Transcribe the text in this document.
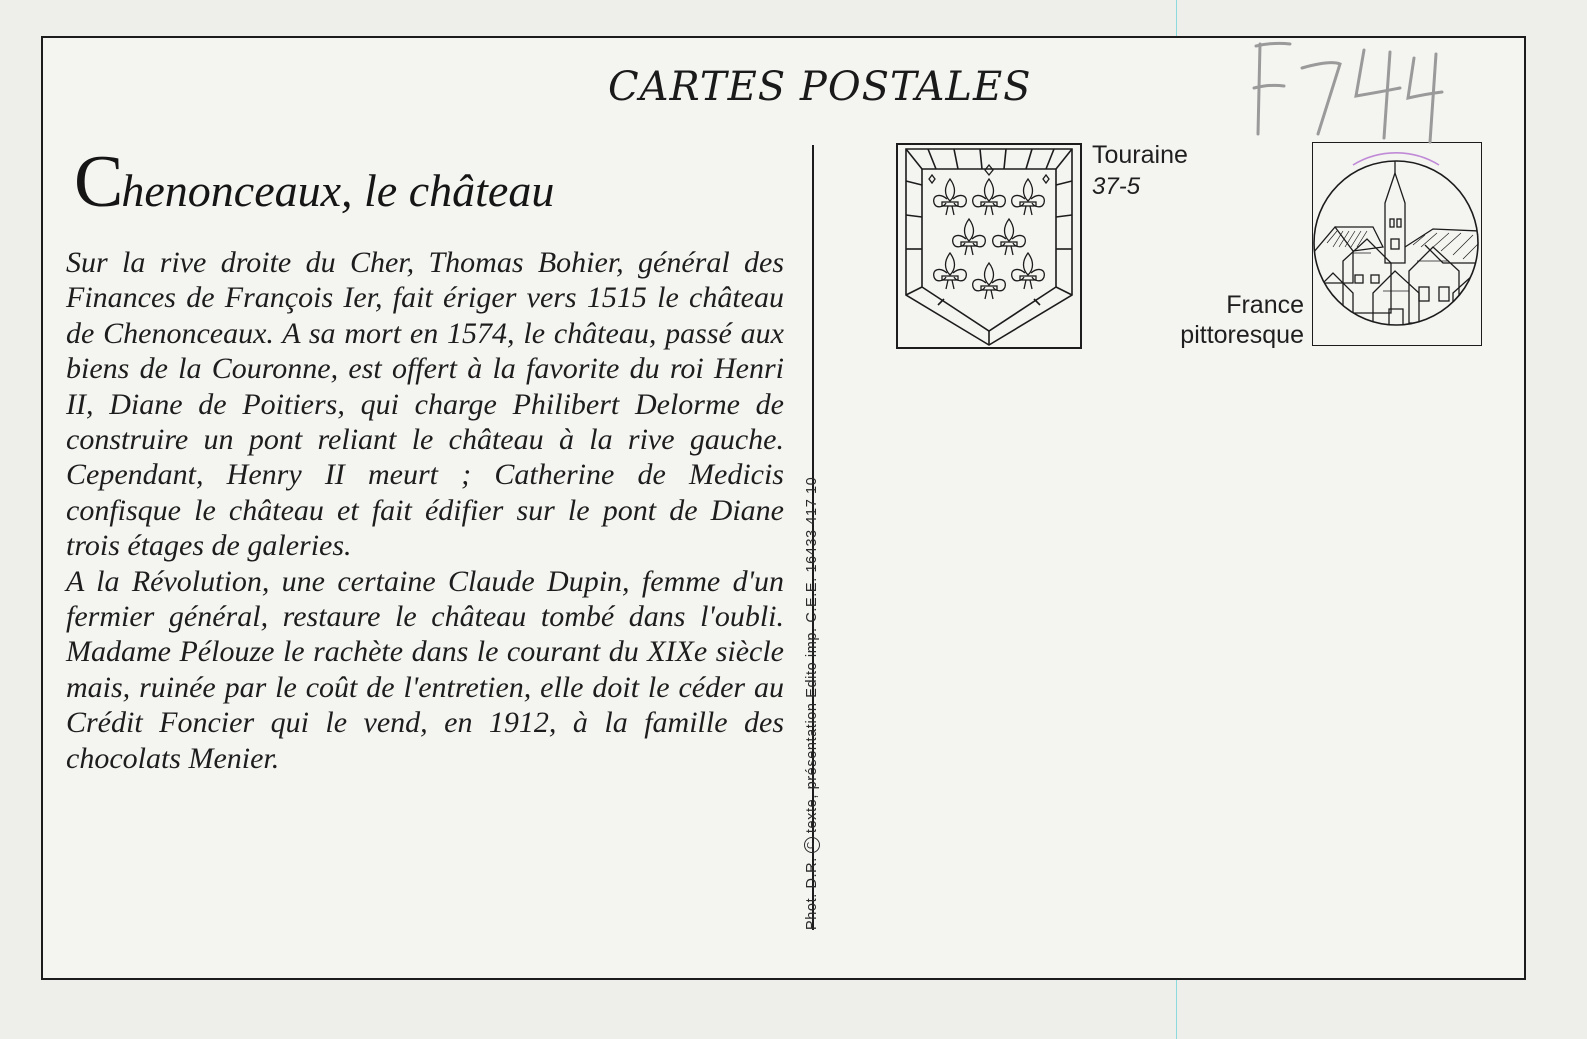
CARTES POSTALES
Chenonceaux, le château

Sur la rive droite du Cher, Thomas Bohier, général des Finances de François Ier, fait ériger vers 1515 le château de Chenonceaux. A sa mort en 1574, le château, passé aux biens de la Couronne, est offert à la favorite du roi Henri II, Diane de Poitiers, qui charge Philibert Delorme de construire un pont reliant le château à la rive gauche. Cependant, Henry II meurt ; Catherine de Medicis confisque le château et fait édifier sur le pont de Diane trois étages de galeries.

A la Révolution, une certaine Claude Dupin, femme d'un fermier général, restaure le château tombé dans l'oubli. Madame Pélouze le rachète dans le courant du XIXe siècle mais, ruinée par le coût de l'entretien, elle doit le céder au Crédit Foncier qui le vend, en 1912, à la famille des chocolats Menier.

Phot. D.R.
C
texte, présentation Edito imp. C.E.E. 16433 417 10
Touraine
37-5
France
pittoresque
